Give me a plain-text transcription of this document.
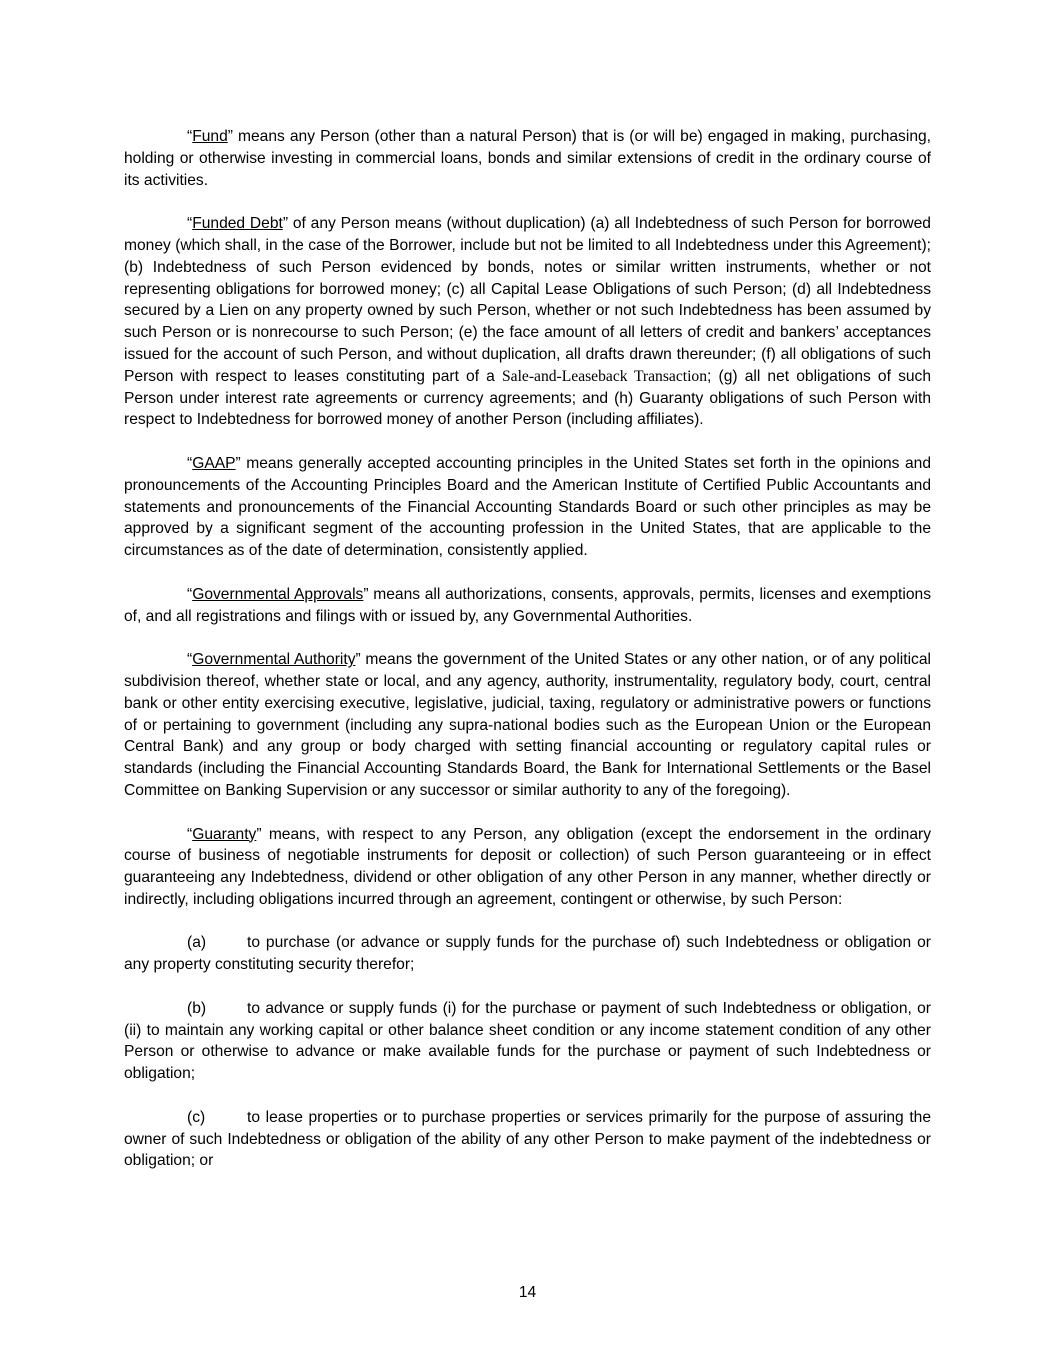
“Fund” means any Person (other than a natural Person) that is (or will be) engaged in making, purchasing, holding or otherwise investing in commercial loans, bonds and similar extensions of credit in the ordinary course of its activities.

“Funded Debt” of any Person means (without duplication) (a) all Indebtedness of such Person for borrowed money (which shall, in the case of the Borrower, include but not be limited to all Indebtedness under this Agreement); (b) Indebtedness of such Person evidenced by bonds, notes or similar written instruments, whether or not representing obligations for borrowed money; (c) all Capital Lease Obligations of such Person; (d) all Indebtedness secured by a Lien on any property owned by such Person, whether or not such Indebtedness has been assumed by such Person or is nonrecourse to such Person; (e) the face amount of all letters of credit and bankers’ acceptances issued for the account of such Person, and without duplication, all drafts drawn thereunder; (f) all obligations of such Person with respect to leases constituting part of a Sale-and-Leaseback Transaction; (g) all net obligations of such Person under interest rate agreements or currency agreements; and (h) Guaranty obligations of such Person with respect to Indebtedness for borrowed money of another Person (including affiliates).

“GAAP” means generally accepted accounting principles in the United States set forth in the opinions and pronouncements of the Accounting Principles Board and the American Institute of Certified Public Accountants and statements and pronouncements of the Financial Accounting Standards Board or such other principles as may be approved by a significant segment of the accounting profession in the United States, that are applicable to the circumstances as of the date of determination, consistently applied.

“Governmental Approvals” means all authorizations, consents, approvals, permits, licenses and exemptions of, and all registrations and filings with or issued by, any Governmental Authorities.

“Governmental Authority” means the government of the United States or any other nation, or of any political subdivision thereof, whether state or local, and any agency, authority, instrumentality, regulatory body, court, central bank or other entity exercising executive, legislative, judicial, taxing, regulatory or administrative powers or functions of or pertaining to government (including any supra-national bodies such as the European Union or the European Central Bank) and any group or body charged with setting financial accounting or regulatory capital rules or standards (including the Financial Accounting Standards Board, the Bank for International Settlements or the Basel Committee on Banking Supervision or any successor or similar authority to any of the foregoing).

“Guaranty” means, with respect to any Person, any obligation (except the endorsement in the ordinary course of business of negotiable instruments for deposit or collection) of such Person guaranteeing or in effect guaranteeing any Indebtedness, dividend or other obligation of any other Person in any manner, whether directly or indirectly, including obligations incurred through an agreement, contingent or otherwise, by such Person:

(a)	to purchase (or advance or supply funds for the purchase of) such Indebtedness or obligation or any property constituting security therefor;

(b)	to advance or supply funds (i) for the purchase or payment of such Indebtedness or obligation, or (ii) to maintain any working capital or other balance sheet condition or any income statement condition of any other Person or otherwise to advance or make available funds for the purchase or payment of such Indebtedness or obligation;

(c)	to lease properties or to purchase properties or services primarily for the purpose of assuring the owner of such Indebtedness or obligation of the ability of any other Person to make payment of the indebtedness or obligation; or

14
